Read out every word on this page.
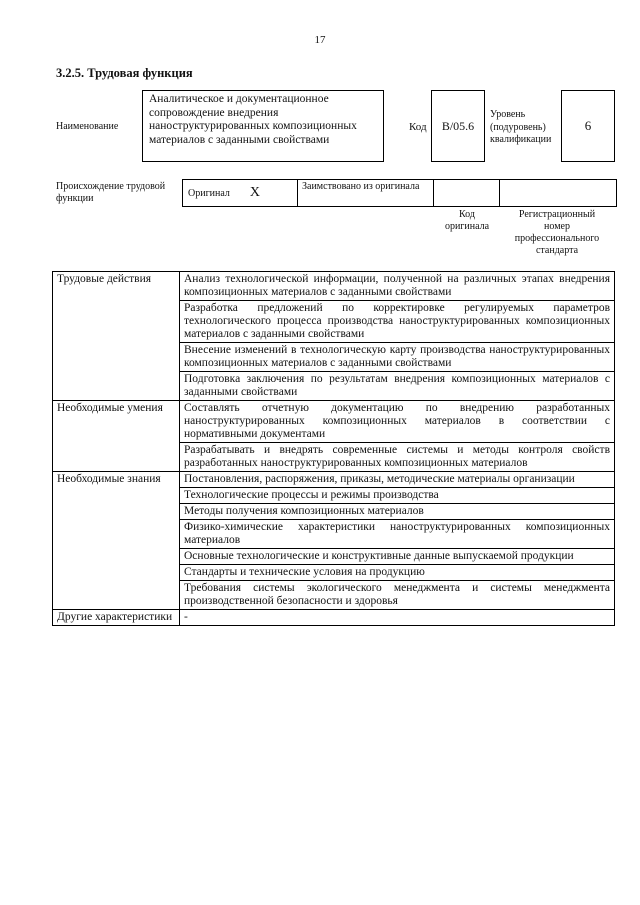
17
3.2.5. Трудовая функция
Наименование
Аналитическое и документационное сопровождение внедрения наноструктурированных композиционных материалов с заданными свойствами
Код	B/05.6
Уровень (подуровень) квалификации
6
Происхождение трудовой функции	Оригинал X	Заимствовано из оригинала
Код оригинала
Регистрационный номер профессионального стандарта
Трудовые действия	Анализ технологической информации, полученной на различных этапах внедрения композиционных материалов с заданными свойствами
	Разработка предложений по корректировке регулируемых параметров технологического процесса производства наноструктурированных композиционных материалов с заданными свойствами
	Внесение изменений в технологическую карту производства наноструктурированных композиционных материалов с заданными свойствами
	Подготовка заключения по результатам внедрения композиционных материалов с заданными свойствами
Необходимые умения	Составлять отчетную документацию по внедрению разработанных наноструктурированных композиционных материалов в соответствии с нормативными документами
	Разрабатывать и внедрять современные системы и методы контроля свойств разработанных наноструктурированных композиционных материалов
Необходимые знания	Постановления, распоряжения, приказы, методические материалы организации
	Технологические процессы и режимы производства
	Методы получения композиционных материалов
	Физико-химические характеристики наноструктурированных композиционных материалов
	Основные технологические и конструктивные данные выпускаемой продукции
	Стандарты и технические условия на продукцию
	Требования системы экологического менеджмента и системы менеджмента производственной безопасности и здоровья
Другие характеристики	-
